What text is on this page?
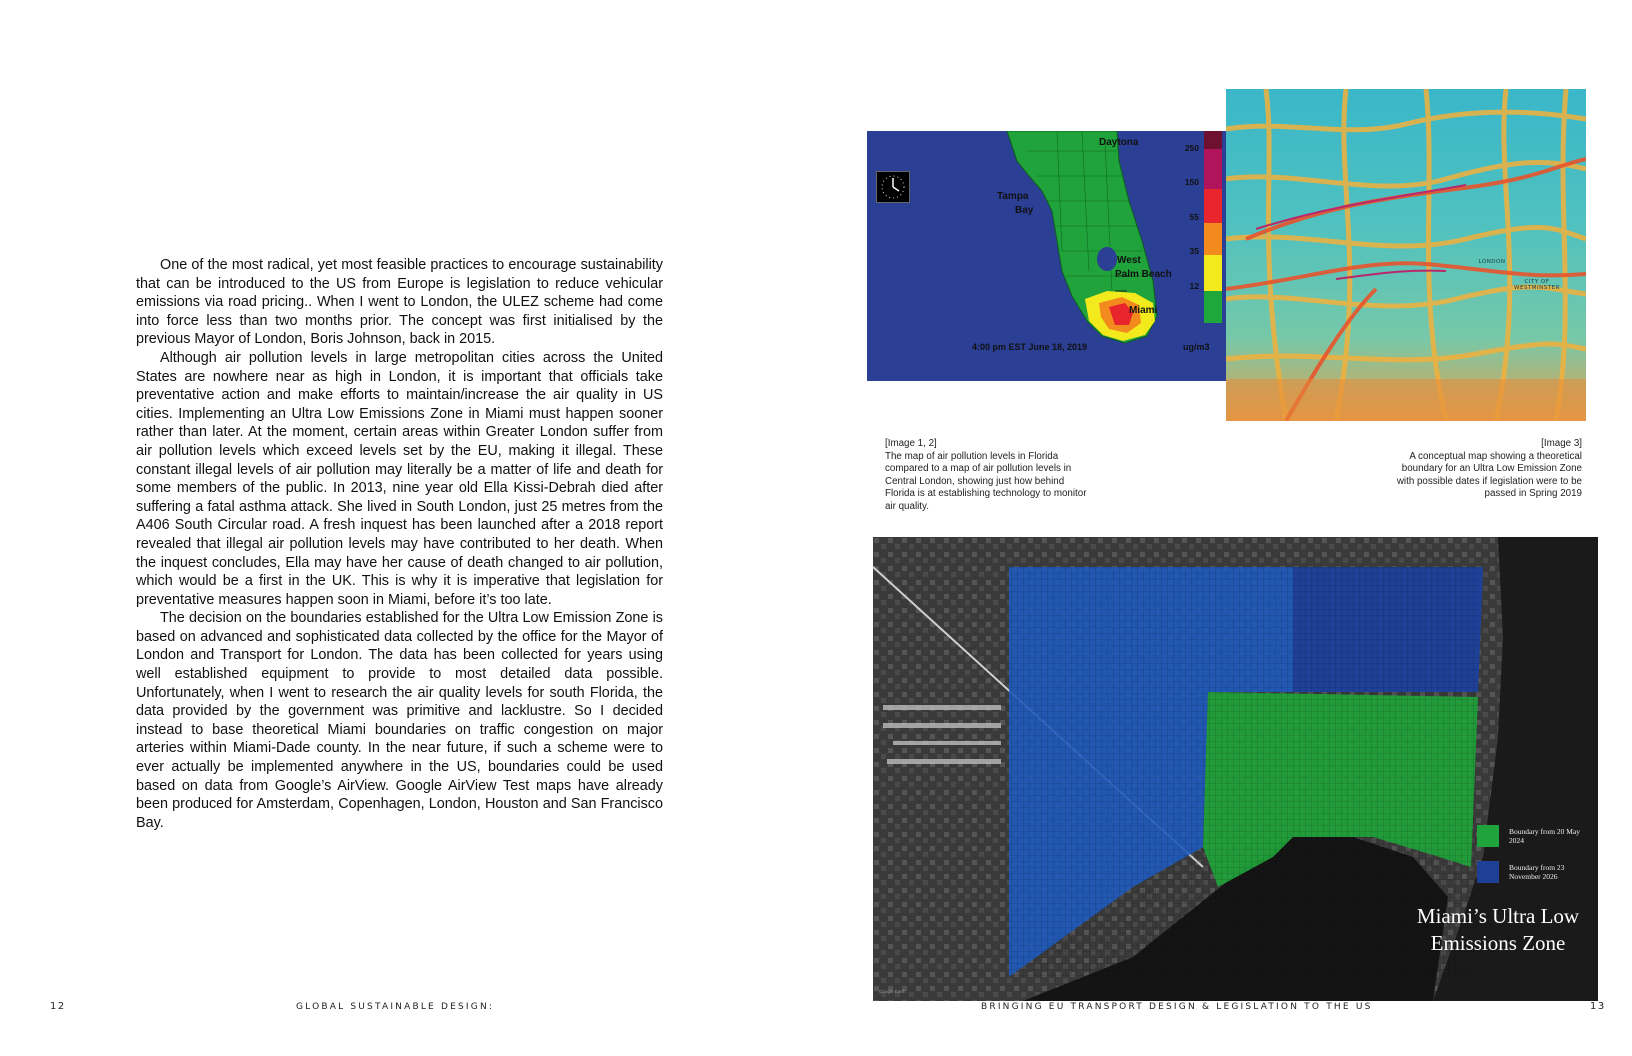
One of the most radical, yet most feasible practices to encourage sustainability that can be introduced to the US from Europe is legislation to reduce vehicular emissions via road pricing.. When I went to London, the ULEZ scheme had come into force less than two months prior. The concept was first initialised by the previous Mayor of London, Boris Johnson, back in 2015.

Although air pollution levels in large metropolitan cities across the United States are nowhere near as high in London, it is important that officials take preventative action and make efforts to maintain/increase the air quality in US cities. Implementing an Ultra Low Emissions Zone in Miami must happen sooner rather than later. At the moment, certain areas within Greater London suffer from air pollution levels which exceed levels set by the EU, making it illegal. These constant illegal levels of air pollution may literally be a matter of life and death for some members of the public. In 2013, nine year old Ella Kissi-Debrah died after suffering a fatal asthma attack. She lived in South London, just 25 metres from the A406 South Circular road. A fresh inquest has been launched after a 2018 report revealed that illegal air pollution levels may have contributed to her death. When the inquest concludes, Ella may have her cause of death changed to air pollution, which would be a first in the UK. This is why it is imperative that legislation for preventative measures happen soon in Miami, before it’s too late.

The decision on the boundaries established for the Ultra Low Emission Zone is based on advanced and sophisticated data collected by the office for the Mayor of London and Transport for London. The data has been collected for years using well established equipment to provide to most detailed data possible. Unfortunately, when I went to research the air quality levels for south Florida, the data provided by the government was primitive and lacklustre. So I decided instead to base theoretical Miami boundaries on traffic congestion on major arteries within Miami-Dade county. In the near future, if such a scheme were to ever actually be implemented anywhere in the US, boundaries could be used based on data from Google’s AirView. Google AirView Test maps have already been produced for Amsterdam, Copenhagen, London, Houston and San Francisco Bay.

12	GLOBAL SUSTAINABLE DESIGN:
Daytona
Tampa
Bay
West
Palm Beach
Miami
4:00 pm EST June 18, 2019
250
150
55
35
12
ug/m3
LONDON
CITY OF
WESTMINSTER
[Image 1, 2]
The map of air pollution levels in Florida compared to a map of air pollution levels in Central London, showing just how behind Florida is at establishing technology to monitor air quality.
[Image 3]
A conceptual map showing a theoretical boundary for an Ultra Low Emission Zone with possible dates if legislation were to be passed in Spring 2019
Boundary from 20 May 2024
Boundary from 23 November 2026
Miami’s Ultra Low Emissions Zone
Google Earth
13
BRINGING EU TRANSPORT DESIGN & LEGISLATION TO THE US
